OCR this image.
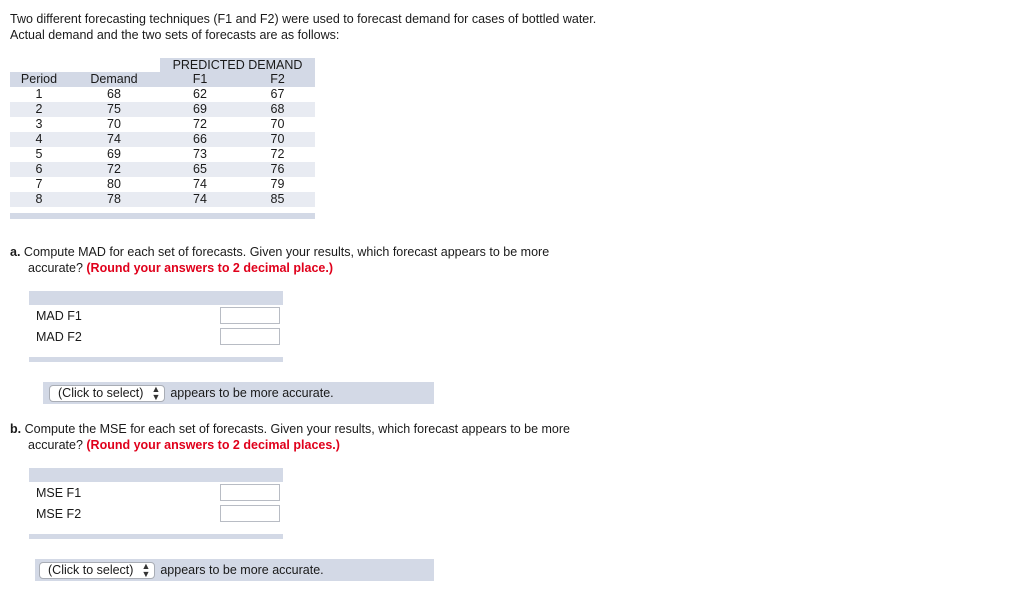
Two different forecasting techniques (F1 and F2) were used to forecast demand for cases of bottled water.
Actual demand and the two sets of forecasts are as follows:
PREDICTED DEMAND
Period	Demand	F1	F2
1	68	62	67
2	75	69	68
3	70	72	70
4	74	66	70
5	69	73	72
6	72	65	76
7	80	74	79
8	78	74	85
a. Compute MAD for each set of forecasts. Given your results, which forecast appears to be more
accurate? (Round your answers to 2 decimal place.)
MAD F1
MAD F2
(Click to select) ▲
▼ appears to be more accurate.
b. Compute the MSE for each set of forecasts. Given your results, which forecast appears to be more
accurate? (Round your answers to 2 decimal places.)
MSE F1
MSE F2
(Click to select) ▲
▼ appears to be more accurate.
